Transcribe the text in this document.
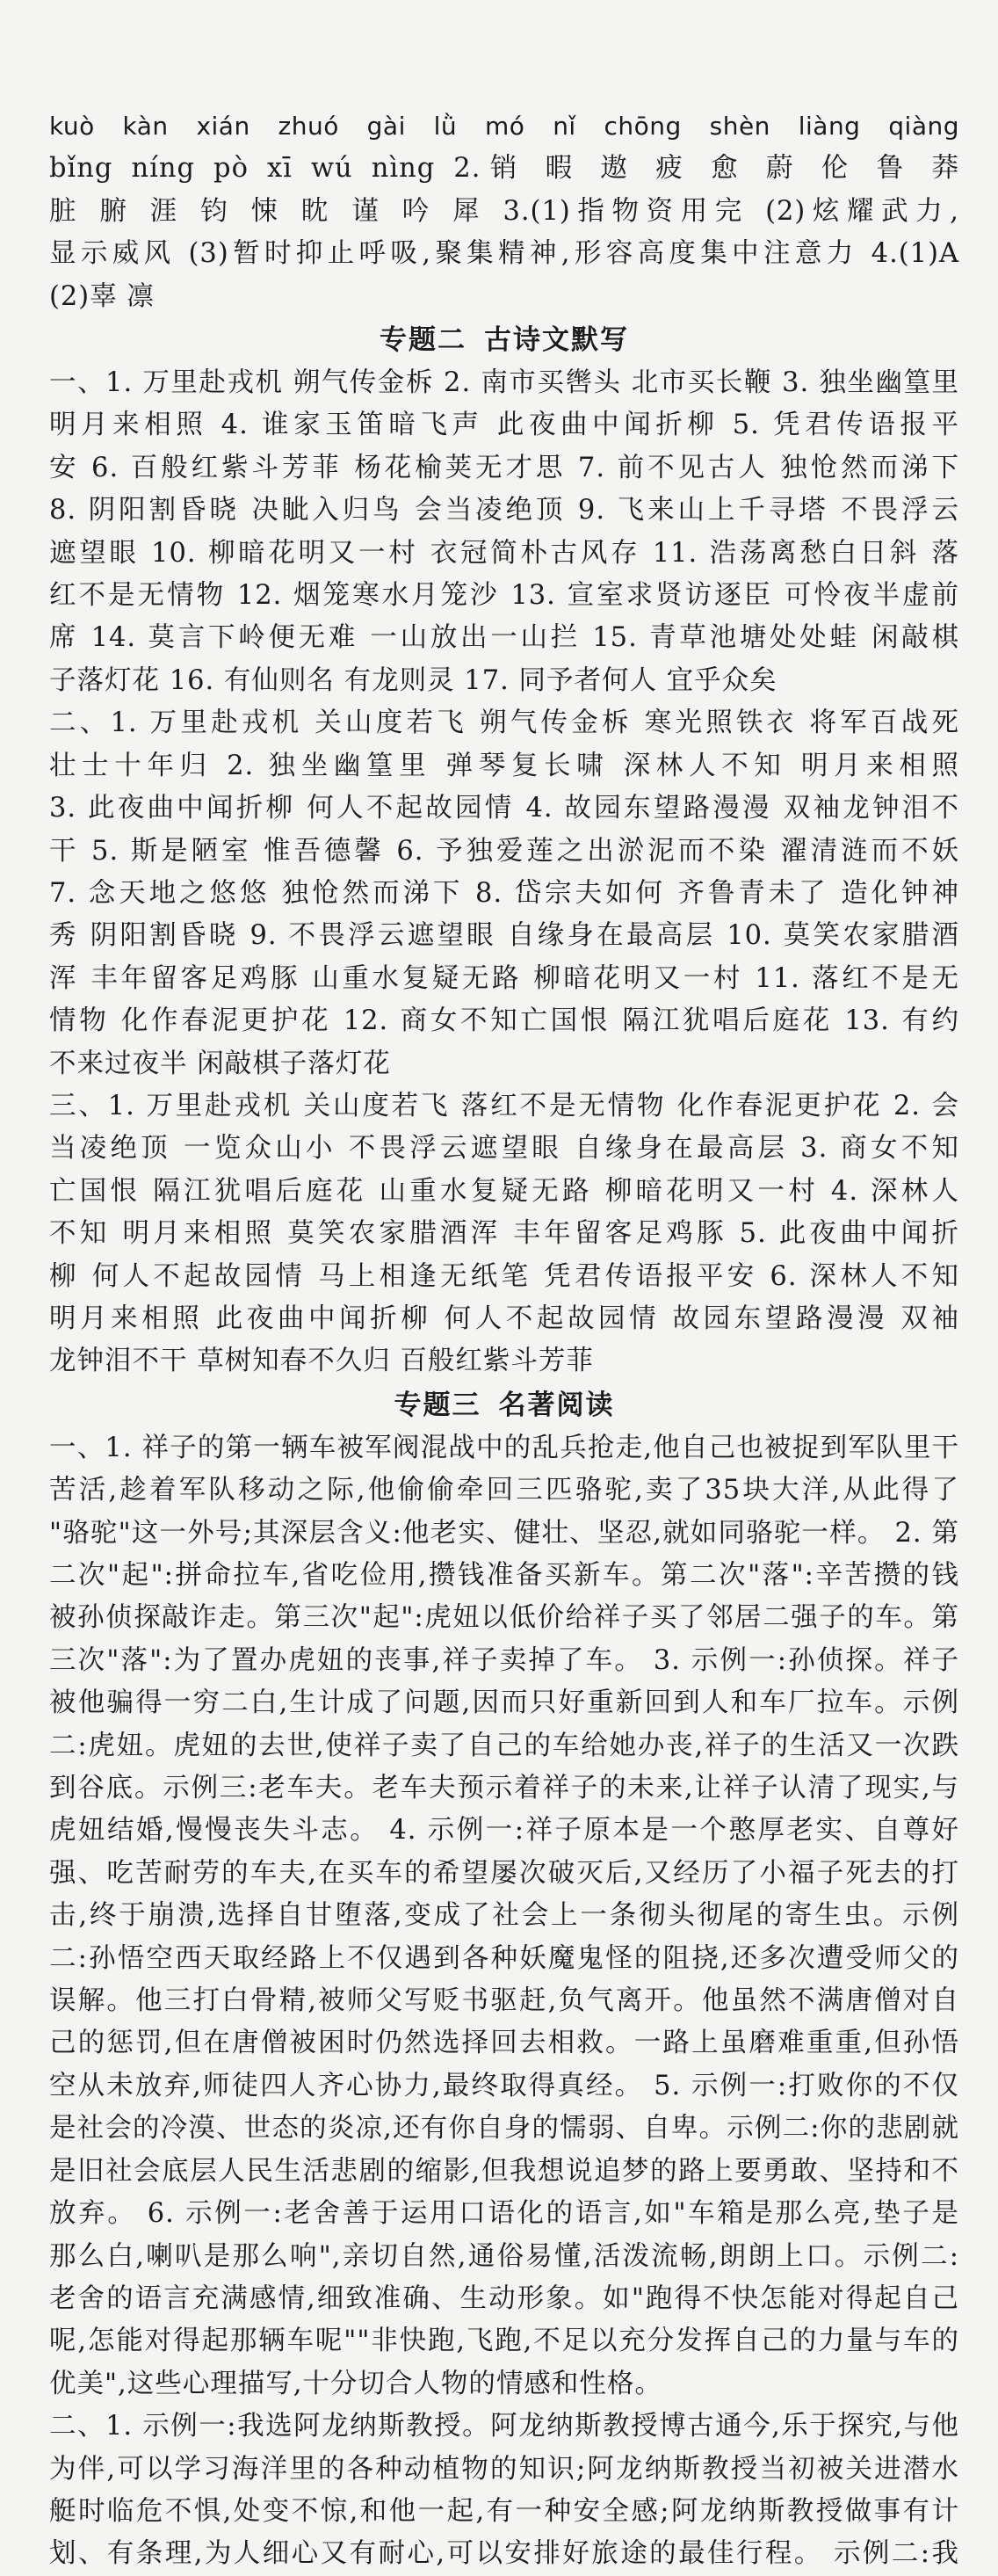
kuò kàn xián zhuó gài lǜ mó nǐ chōng shèn liàng qiàng

bǐng níng pò xī wú nìng 2.销 暇 遨 疲 愈 蔚 伦 鲁 莽

脏 腑 涯 钧 悚 眈 谨 吟 犀 3.(1)指物资用完 (2)炫耀武力,

显示威风 (3)暂时抑止呼吸,聚集精神,形容高度集中注意力 4.(1)A

(2)辜 凛

专题二 古诗文默写

一、1. 万里赴戎机 朔气传金柝 2. 南市买辔头 北市买长鞭 3. 独坐幽篁里

明月来相照 4. 谁家玉笛暗飞声 此夜曲中闻折柳 5. 凭君传语报平

安 6. 百般红紫斗芳菲 杨花榆荚无才思 7. 前不见古人 独怆然而涕下

8. 阴阳割昏晓 决眦入归鸟 会当凌绝顶 9. 飞来山上千寻塔 不畏浮云

遮望眼 10. 柳暗花明又一村 衣冠简朴古风存 11. 浩荡离愁白日斜 落

红不是无情物 12. 烟笼寒水月笼沙 13. 宣室求贤访逐臣 可怜夜半虚前

席 14. 莫言下岭便无难 一山放出一山拦 15. 青草池塘处处蛙 闲敲棋

子落灯花 16. 有仙则名 有龙则灵 17. 同予者何人 宜乎众矣

二、1. 万里赴戎机 关山度若飞 朔气传金柝 寒光照铁衣 将军百战死

壮士十年归 2. 独坐幽篁里 弹琴复长啸 深林人不知 明月来相照

3. 此夜曲中闻折柳 何人不起故园情 4. 故园东望路漫漫 双袖龙钟泪不

干 5. 斯是陋室 惟吾德馨 6. 予独爱莲之出淤泥而不染 濯清涟而不妖

7. 念天地之悠悠 独怆然而涕下 8. 岱宗夫如何 齐鲁青未了 造化钟神

秀 阴阳割昏晓 9. 不畏浮云遮望眼 自缘身在最高层 10. 莫笑农家腊酒

浑 丰年留客足鸡豚 山重水复疑无路 柳暗花明又一村 11. 落红不是无

情物 化作春泥更护花 12. 商女不知亡国恨 隔江犹唱后庭花 13. 有约

不来过夜半 闲敲棋子落灯花

三、1. 万里赴戎机 关山度若飞 落红不是无情物 化作春泥更护花 2. 会

当凌绝顶 一览众山小 不畏浮云遮望眼 自缘身在最高层 3. 商女不知

亡国恨 隔江犹唱后庭花 山重水复疑无路 柳暗花明又一村 4. 深林人

不知 明月来相照 莫笑农家腊酒浑 丰年留客足鸡豚 5. 此夜曲中闻折

柳 何人不起故园情 马上相逢无纸笔 凭君传语报平安 6. 深林人不知

明月来相照 此夜曲中闻折柳 何人不起故园情 故园东望路漫漫 双袖

龙钟泪不干 草树知春不久归 百般红紫斗芳菲

专题三 名著阅读

一、1. 祥子的第一辆车被军阀混战中的乱兵抢走,他自己也被捉到军队里干

苦活,趁着军队移动之际,他偷偷牵回三匹骆驼,卖了35块大洋,从此得了

"骆驼"这一外号;其深层含义:他老实、健壮、坚忍,就如同骆驼一样。 2. 第

二次"起":拼命拉车,省吃俭用,攒钱准备买新车。第二次"落":辛苦攒的钱

被孙侦探敲诈走。第三次"起":虎妞以低价给祥子买了邻居二强子的车。第

三次"落":为了置办虎妞的丧事,祥子卖掉了车。 3. 示例一:孙侦探。祥子

被他骗得一穷二白,生计成了问题,因而只好重新回到人和车厂拉车。示例

二:虎妞。虎妞的去世,使祥子卖了自己的车给她办丧,祥子的生活又一次跌

到谷底。示例三:老车夫。老车夫预示着祥子的未来,让祥子认清了现实,与

虎妞结婚,慢慢丧失斗志。 4. 示例一:祥子原本是一个憨厚老实、自尊好

强、吃苦耐劳的车夫,在买车的希望屡次破灭后,又经历了小福子死去的打

击,终于崩溃,选择自甘堕落,变成了社会上一条彻头彻尾的寄生虫。示例

二:孙悟空西天取经路上不仅遇到各种妖魔鬼怪的阻挠,还多次遭受师父的

误解。他三打白骨精,被师父写贬书驱赶,负气离开。他虽然不满唐僧对自

己的惩罚,但在唐僧被困时仍然选择回去相救。一路上虽磨难重重,但孙悟

空从未放弃,师徒四人齐心协力,最终取得真经。 5. 示例一:打败你的不仅

是社会的冷漠、世态的炎凉,还有你自身的懦弱、自卑。示例二:你的悲剧就

是旧社会底层人民生活悲剧的缩影,但我想说追梦的路上要勇敢、坚持和不

放弃。 6. 示例一:老舍善于运用口语化的语言,如"车箱是那么亮,垫子是

那么白,喇叭是那么响",亲切自然,通俗易懂,活泼流畅,朗朗上口。示例二:

老舍的语言充满感情,细致准确、生动形象。如"跑得不快怎能对得起自己

呢,怎能对得起那辆车呢""非快跑,飞跑,不足以充分发挥自己的力量与车的

优美",这些心理描写,十分切合人物的情感和性格。

二、1. 示例一:我选阿龙纳斯教授。阿龙纳斯教授博古通今,乐于探究,与他

为伴,可以学习海洋里的各种动植物的知识;阿龙纳斯教授当初被关进潜水

艇时临危不惧,处变不惊,和他一起,有一种安全感;阿龙纳斯教授做事有计

划、有条理,为人细心又有耐心,可以安排好旅途的最佳行程。 示例二:我
